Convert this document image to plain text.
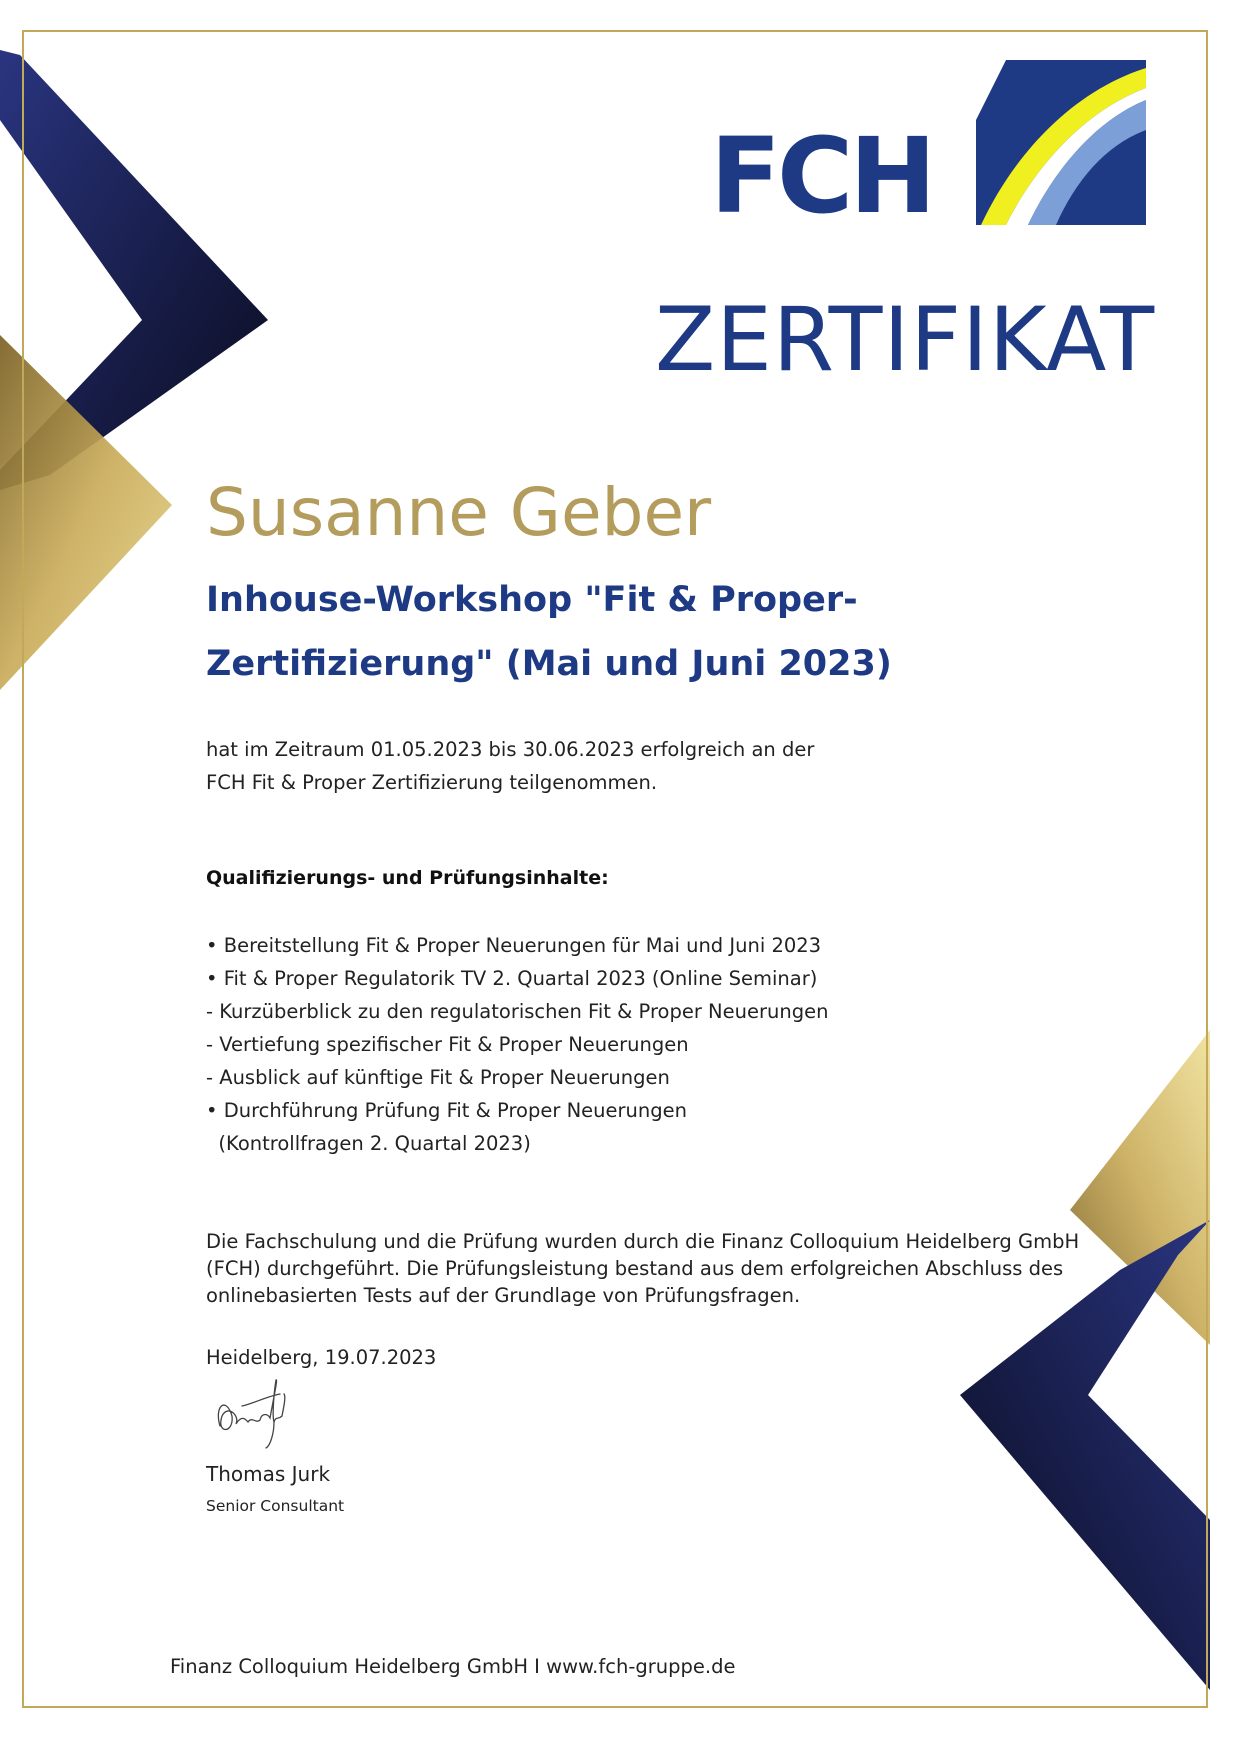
FCH
ZERTIFIKAT
Susanne Geber
Inhouse-Workshop "Fit & Proper-
Zertifizierung" (Mai und Juni 2023)

hat im Zeitraum 01.05.2023 bis 30.06.2023 erfolgreich an der
FCH Fit & Proper Zertifizierung teilgenommen.

Qualifizierungs- und Prüfungsinhalte:
• Bereitstellung Fit & Proper Neuerungen für Mai und Juni 2023
• Fit & Proper Regulatorik TV 2. Quartal 2023 (Online Seminar)
- Kurzüberblick zu den regulatorischen Fit & Proper Neuerungen
- Vertiefung spezifischer Fit & Proper Neuerungen
- Ausblick auf künftige Fit & Proper Neuerungen
• Durchführung Prüfung Fit & Proper Neuerungen
(Kontrollfragen 2. Quartal 2023)

Die Fachschulung und die Prüfung wurden durch die Finanz Colloquium Heidelberg GmbH
(FCH) durchgeführt. Die Prüfungsleistung bestand aus dem erfolgreichen Abschluss des
onlinebasierten Tests auf der Grundlage von Prüfungsfragen.

Heidelberg, 19.07.2023
Thomas Jurk
Senior Consultant
Finanz Colloquium Heidelberg GmbH I www.fch-gruppe.de
